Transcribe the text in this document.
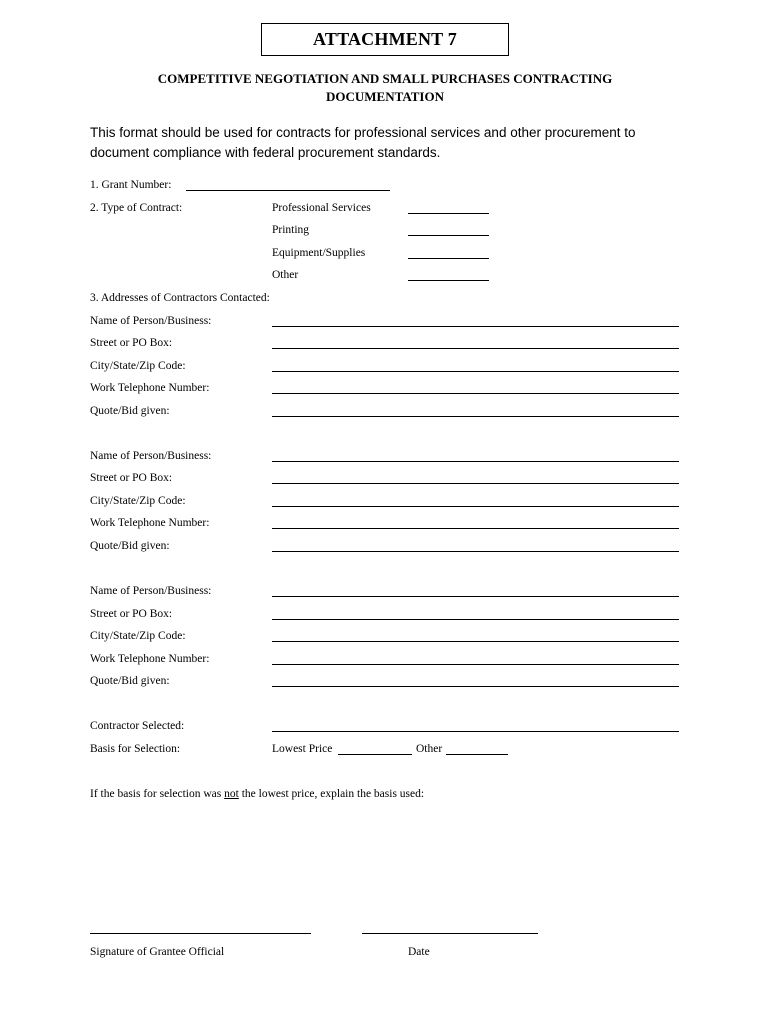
ATTACHMENT 7
COMPETITIVE NEGOTIATION AND SMALL PURCHASES CONTRACTING
DOCUMENTATION
This format should be used for contracts for professional services and other procurement to document compliance with federal procurement standards.
1. Grant Number:
2. Type of Contract:	Professional Services
Printing
Equipment/Supplies
Other
3. Addresses of Contractors Contacted:
Name of Person/Business:
Street or PO Box:
City/State/Zip Code:
Work Telephone Number:
Quote/Bid given:
Name of Person/Business:
Street or PO Box:
City/State/Zip Code:
Work Telephone Number:
Quote/Bid given:
Name of Person/Business:
Street or PO Box:
City/State/Zip Code:
Work Telephone Number:
Quote/Bid given:
Contractor Selected:
Basis for Selection:	Lowest Price	Other
If the basis for selection was not the lowest price, explain the basis used:
Signature of Grantee Official	Date
